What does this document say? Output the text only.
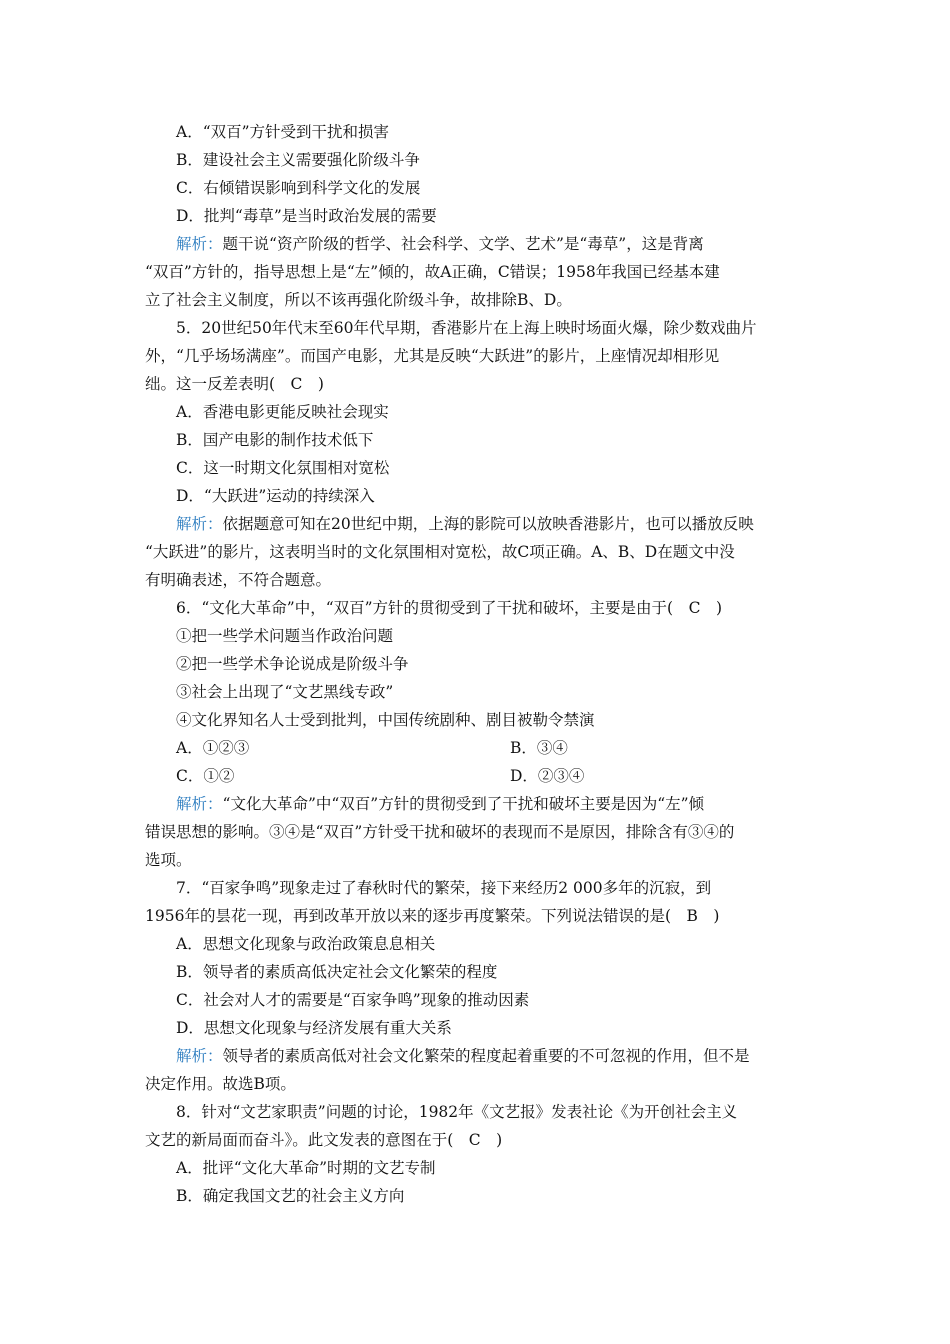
A．“双百”方针受到干扰和损害
B．建设社会主义需要强化阶级斗争
C．右倾错误影响到科学文化的发展
D．批判“毒草”是当时政治发展的需要
解析：题干说“资产阶级的哲学、社会科学、文学、艺术”是“毒草”，这是背离
“双百”方针的，指导思想上是“左”倾的，故A正确，C错误；1958年我国已经基本建
立了社会主义制度，所以不该再强化阶级斗争，故排除B、D。
5．20世纪50年代末至60年代早期，香港影片在上海上映时场面火爆，除少数戏曲片
外，“几乎场场满座”。而国产电影，尤其是反映“大跃进”的影片，上座情况却相形见
绌。这一反差表明(　C　)
A．香港电影更能反映社会现实
B．国产电影的制作技术低下
C．这一时期文化氛围相对宽松
D．“大跃进”运动的持续深入
解析：依据题意可知在20世纪中期，上海的影院可以放映香港影片，也可以播放反映
“大跃进”的影片，这表明当时的文化氛围相对宽松，故C项正确。A、B、D在题文中没
有明确表述，不符合题意。
6．“文化大革命”中，“双百”方针的贯彻受到了干扰和破坏，主要是由于(　C　)
①把一些学术问题当作政治问题
②把一些学术争论说成是阶级斗争
③社会上出现了“文艺黑线专政”
④文化界知名人士受到批判，中国传统剧种、剧目被勒令禁演
A．①②③	B．③④
C．①②	D．②③④
解析：“文化大革命”中“双百”方针的贯彻受到了干扰和破坏主要是因为“左”倾
错误思想的影响。③④是“双百”方针受干扰和破坏的表现而不是原因，排除含有③④的
选项。
7．“百家争鸣”现象走过了春秋时代的繁荣，接下来经历2 000多年的沉寂，到
1956年的昙花一现，再到改革开放以来的逐步再度繁荣。下列说法错误的是(　B　)
A．思想文化现象与政治政策息息相关
B．领导者的素质高低决定社会文化繁荣的程度
C．社会对人才的需要是“百家争鸣”现象的推动因素
D．思想文化现象与经济发展有重大关系
解析：领导者的素质高低对社会文化繁荣的程度起着重要的不可忽视的作用，但不是
决定作用。故选B项。
8．针对“文艺家职责”问题的讨论，1982年《文艺报》发表社论《为开创社会主义
文艺的新局面而奋斗》。此文发表的意图在于(　C　)
A．批评“文化大革命”时期的文艺专制
B．确定我国文艺的社会主义方向
